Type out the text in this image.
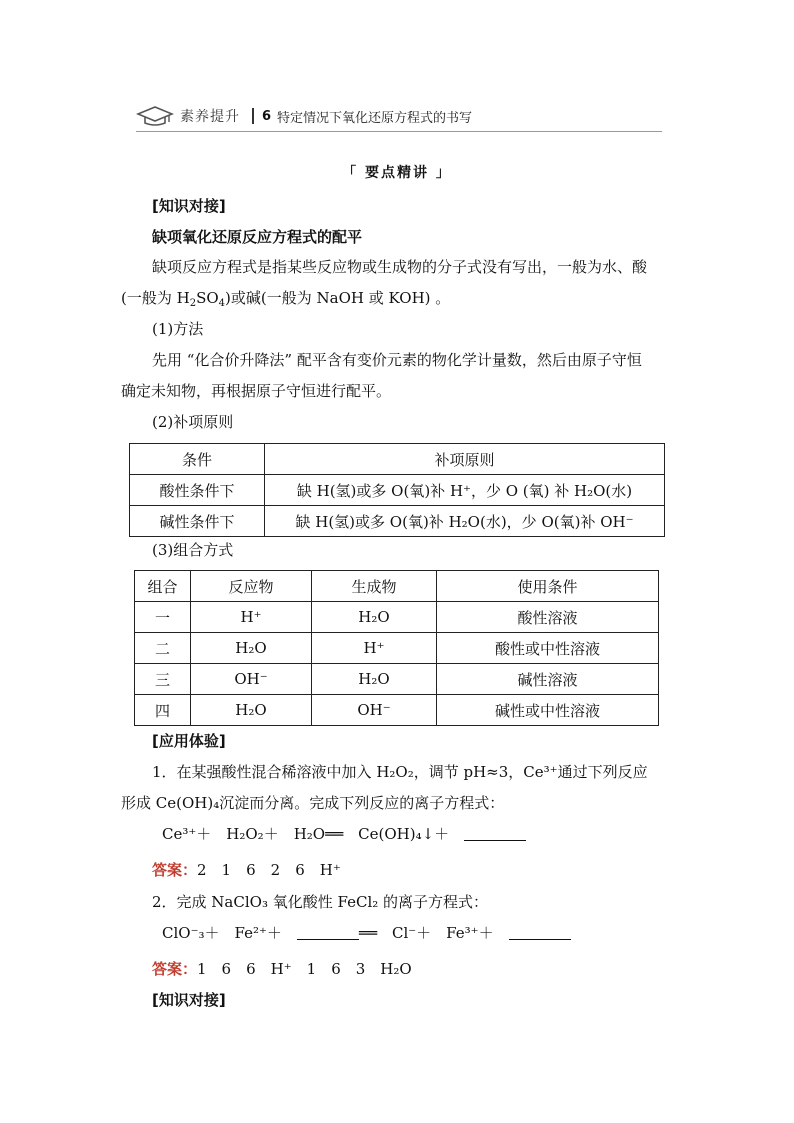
素养提升 6 特定情况下氧化还原方程式的书写
「 要点精讲 」
[知识对接]
缺项氧化还原反应方程式的配平
缺项反应方程式是指某些反应物或生成物的分子式没有写出，一般为水、酸
(一般为 $H_2SO_4$)或碱(一般为 NaOH 或 KOH) 。
(1)方法
先用 “化合价升降法” 配平含有变价元素的物化学计量数，然后由原子守恒
确定未知物，再根据原子守恒进行配平。
(2)补项原则
条件	补项原则
酸性条件下	缺 H(氢)或多 O(氧)补 H⁺，少 O (氧) 补 H₂O(水)
碱性条件下	缺 H(氢)或多 O(氧)补 H₂O(水)，少 O(氧)补 OH⁻
(3)组合方式
组合	反应物	生成物	使用条件
一	H⁺	H₂O	酸性溶液
二	H₂O	H⁺	酸性或中性溶液
三	OH⁻	H₂O	碱性溶液
四	H₂O	OH⁻	碱性或中性溶液
[应用体验]
1．在某强酸性混合稀溶液中加入 H₂O₂，调节 pH≈3，Ce³⁺通过下列反应
形成 Ce(OH)₄沉淀而分离。完成下列反应的离子方程式：
Ce³⁺＋　H₂O₂＋　H₂O══　Ce(OH)₄↓＋　
答案：2　1　6　2　6　H⁺
2．完成 NaClO₃ 氧化酸性 FeCl₂ 的离子方程式：
ClO⁻₃＋　Fe²⁺＋　	══　Cl⁻＋　Fe³⁺＋　
答案：1　6　6　H⁺　1　6　3　H₂O
[知识对接]
